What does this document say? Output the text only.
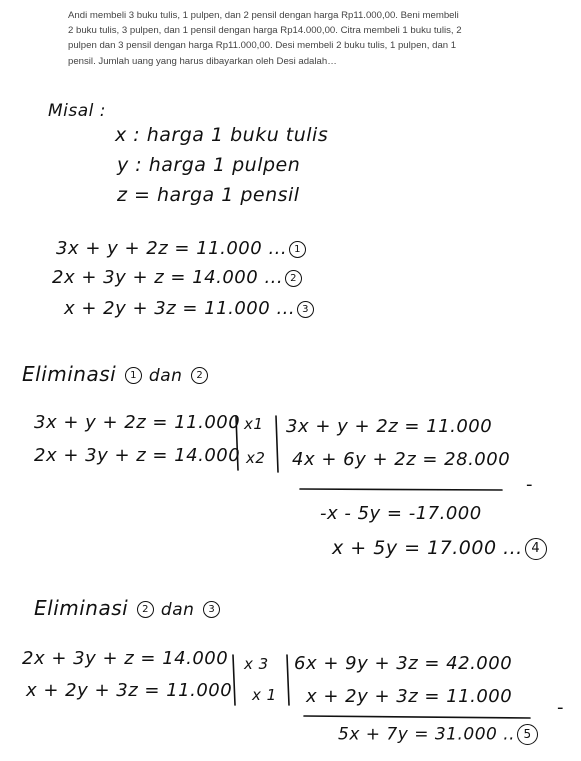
Andi membeli 3 buku tulis, 1 pulpen, dan 2 pensil dengan harga Rp11.000,00. Beni membeli 2 buku tulis, 3 pulpen, dan 1 pensil dengan harga Rp14.000,00. Citra membeli 1 buku tulis, 2 pulpen dan 3 pensil dengan harga Rp11.000,00. Desi membeli 2 buku tulis, 1 pulpen, dan 1 pensil. Jumlah uang yang harus dibayarkan oleh Desi adalah…
Misal :
x : harga 1 buku tulis
y : harga 1 pulpen
z = harga 1 pensil
3x + y + 2z = 11.000 ... 1
2x + 3y + z = 14.000 ... 2
x + 2y + 3z = 11.000 ... 3
Eliminasi 1 dan 2
3x + y + 2z = 11.000
2x + 3y + z = 14.000
x1
x2
3x + y + 2z = 11.000
4x + 6y + 2z = 28.000
-
-x - 5y = -17.000
x + 5y = 17.000 ... 4
Eliminasi 2 dan 3
2x + 3y + z = 14.000
x + 2y + 3z = 11.000
x 3
x 1
6x + 9y + 3z = 42.000
x + 2y + 3z = 11.000
-
5x + 7y = 31.000 .. 5
